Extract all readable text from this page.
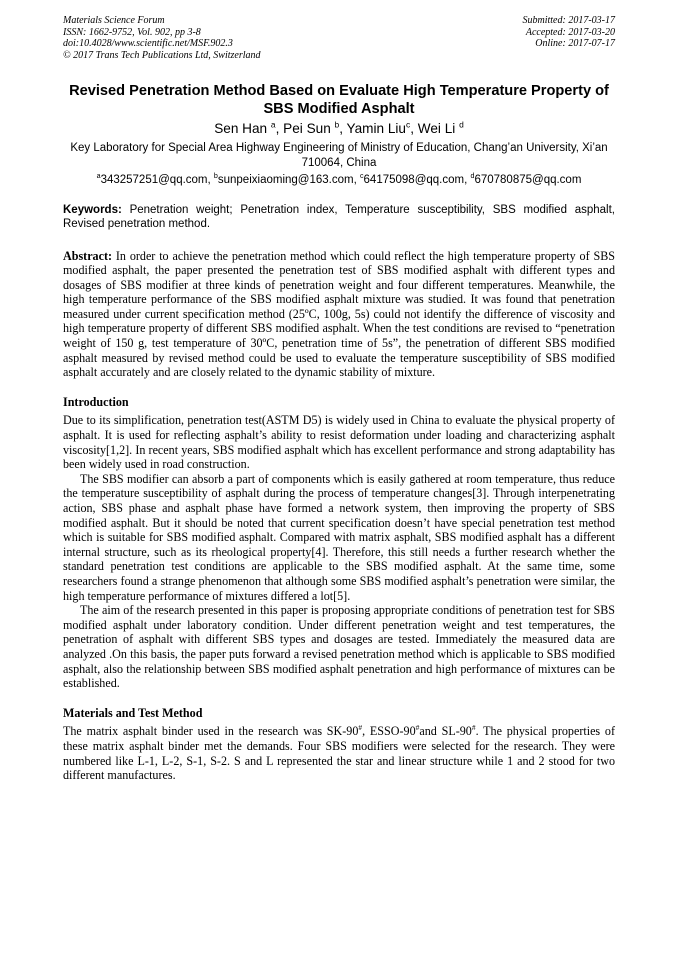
Materials Science Forum
ISSN: 1662-9752, Vol. 902, pp 3-8
doi:10.4028/www.scientific.net/MSF.902.3
© 2017 Trans Tech Publications Ltd, Switzerland
Submitted: 2017-03-17
Accepted: 2017-03-20
Online: 2017-07-17
Revised Penetration Method Based on Evaluate High Temperature Property of SBS Modified Asphalt
Sen Han $^a$, Pei Sun $^b$, Yamin Liu$^c$, Wei Li $^d$
Key Laboratory for Special Area Highway Engineering of Ministry of Education, Chang’an University, Xi’an 710064, China
$^a$343257251@qq.com, $^b$sunpeixiaoming@163.com, $^c$64175098@qq.com, $^d$670780875@qq.com
Keywords: Penetration weight; Penetration index, Temperature susceptibility, SBS modified asphalt, Revised penetration method.
Abstract: In order to achieve the penetration method which could reflect the high temperature property of SBS modified asphalt, the paper presented the penetration test of SBS modified asphalt with different types and dosages of SBS modifier at three kinds of penetration weight and four different temperatures. Meanwhile, the high temperature performance of the SBS modified asphalt mixture was studied. It was found that penetration measured under current specification method (25ºC, 100g, 5s) could not identify the difference of viscosity and high temperature property of different SBS modified asphalt. When the test conditions are revised to “penetration weight of 150 g, test temperature of 30ºC, penetration time of 5s”, the penetration of different SBS modified asphalt measured by revised method could be used to evaluate the temperature susceptibility of SBS modified asphalt accurately and are closely related to the dynamic stability of mixture.
Introduction

Due to its simplification, penetration test(ASTM D5) is widely used in China to evaluate the physical property of asphalt. It is used for reflecting asphalt’s ability to resist deformation under loading and characterizing asphalt viscosity[1,2]. In recent years, SBS modified asphalt which has excellent performance and strong adaptability has been widely used in road construction.

The SBS modifier can absorb a part of components which is easily gathered at room temperature, thus reduce the temperature susceptibility of asphalt during the process of temperature changes[3]. Through interpenetrating action, SBS phase and asphalt phase have formed a network system, then improving the property of SBS modified asphalt. But it should be noted that current specification doesn’t have special penetration test method which is suitable for SBS modified asphalt. Compared with matrix asphalt, SBS modified asphalt has a different internal structure, such as its rheological property[4]. Therefore, this still needs a further research whether the standard penetration test conditions are applicable to the SBS modified asphalt. At the same time, some researchers found a strange phenomenon that although some SBS modified asphalt’s penetration were similar, the high temperature performance of mixtures differed a lot[5].

The aim of the research presented in this paper is proposing appropriate conditions of penetration test for SBS modified asphalt under laboratory condition. Under different penetration weight and test temperatures, the penetration of asphalt with different SBS types and dosages are tested. Immediately the measured data are analyzed .On this basis, the paper puts forward a revised penetration method which is applicable to SBS modified asphalt, also the relationship between SBS modified asphalt penetration and high performance of mixtures can be established.

Materials and Test Method

The matrix asphalt binder used in the research was SK-90#, ESSO-90#and SL-90#. The physical properties of these matrix asphalt binder met the demands. Four SBS modifiers were selected for the research. They were numbered like L-1, L-2, S-1, S-2. S and L represented the star and linear structure while 1 and 2 stood for two different manufactures.
